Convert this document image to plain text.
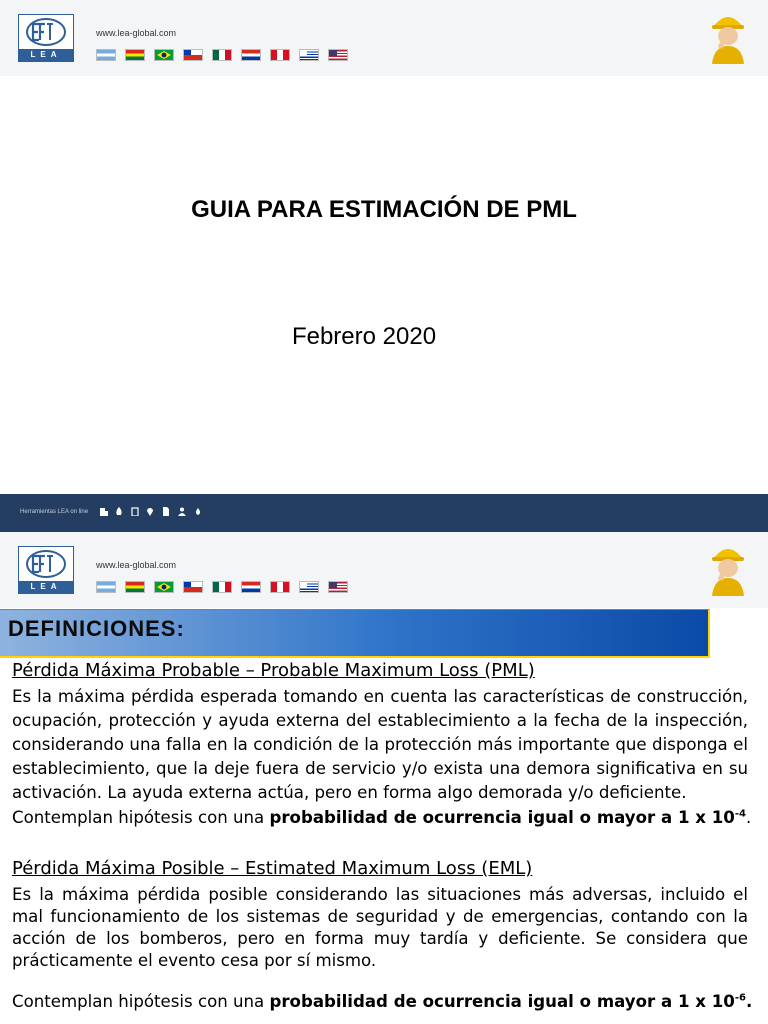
LEA
www.lea-global.com
GUIA PARA ESTIMACIÓN DE PML
Febrero 2020
Herramientas LEA on line
LEA
www.lea-global.com
DEFINICIONES:
Pérdida Máxima Probable – Probable Maximum Loss (PML)
Es la máxima pérdida esperada tomando en cuenta las características de construcción, ocupación, protección y ayuda externa del establecimiento a la fecha de la inspección, considerando una falla en la condición de la protección más importante que disponga el establecimiento, que la deje fuera de servicio y/o exista una demora significativa en su activación. La ayuda externa actúa, pero en forma algo demorada y/o deficiente.
Contemplan hipótesis con una probabilidad de ocurrencia igual o mayor a 1 x $10^{-4}$.
Pérdida Máxima Posible – Estimated Maximum Loss (EML)
Es la máxima pérdida posible considerando las situaciones más adversas, incluido el mal funcionamiento de los sistemas de seguridad y de emergencias, contando con la acción de los bomberos, pero en forma muy tardía y deficiente. Se considera que prácticamente el evento cesa por sí mismo.
Contemplan hipótesis con una probabilidad de ocurrencia igual o mayor a 1 x $10^{-6}$.
